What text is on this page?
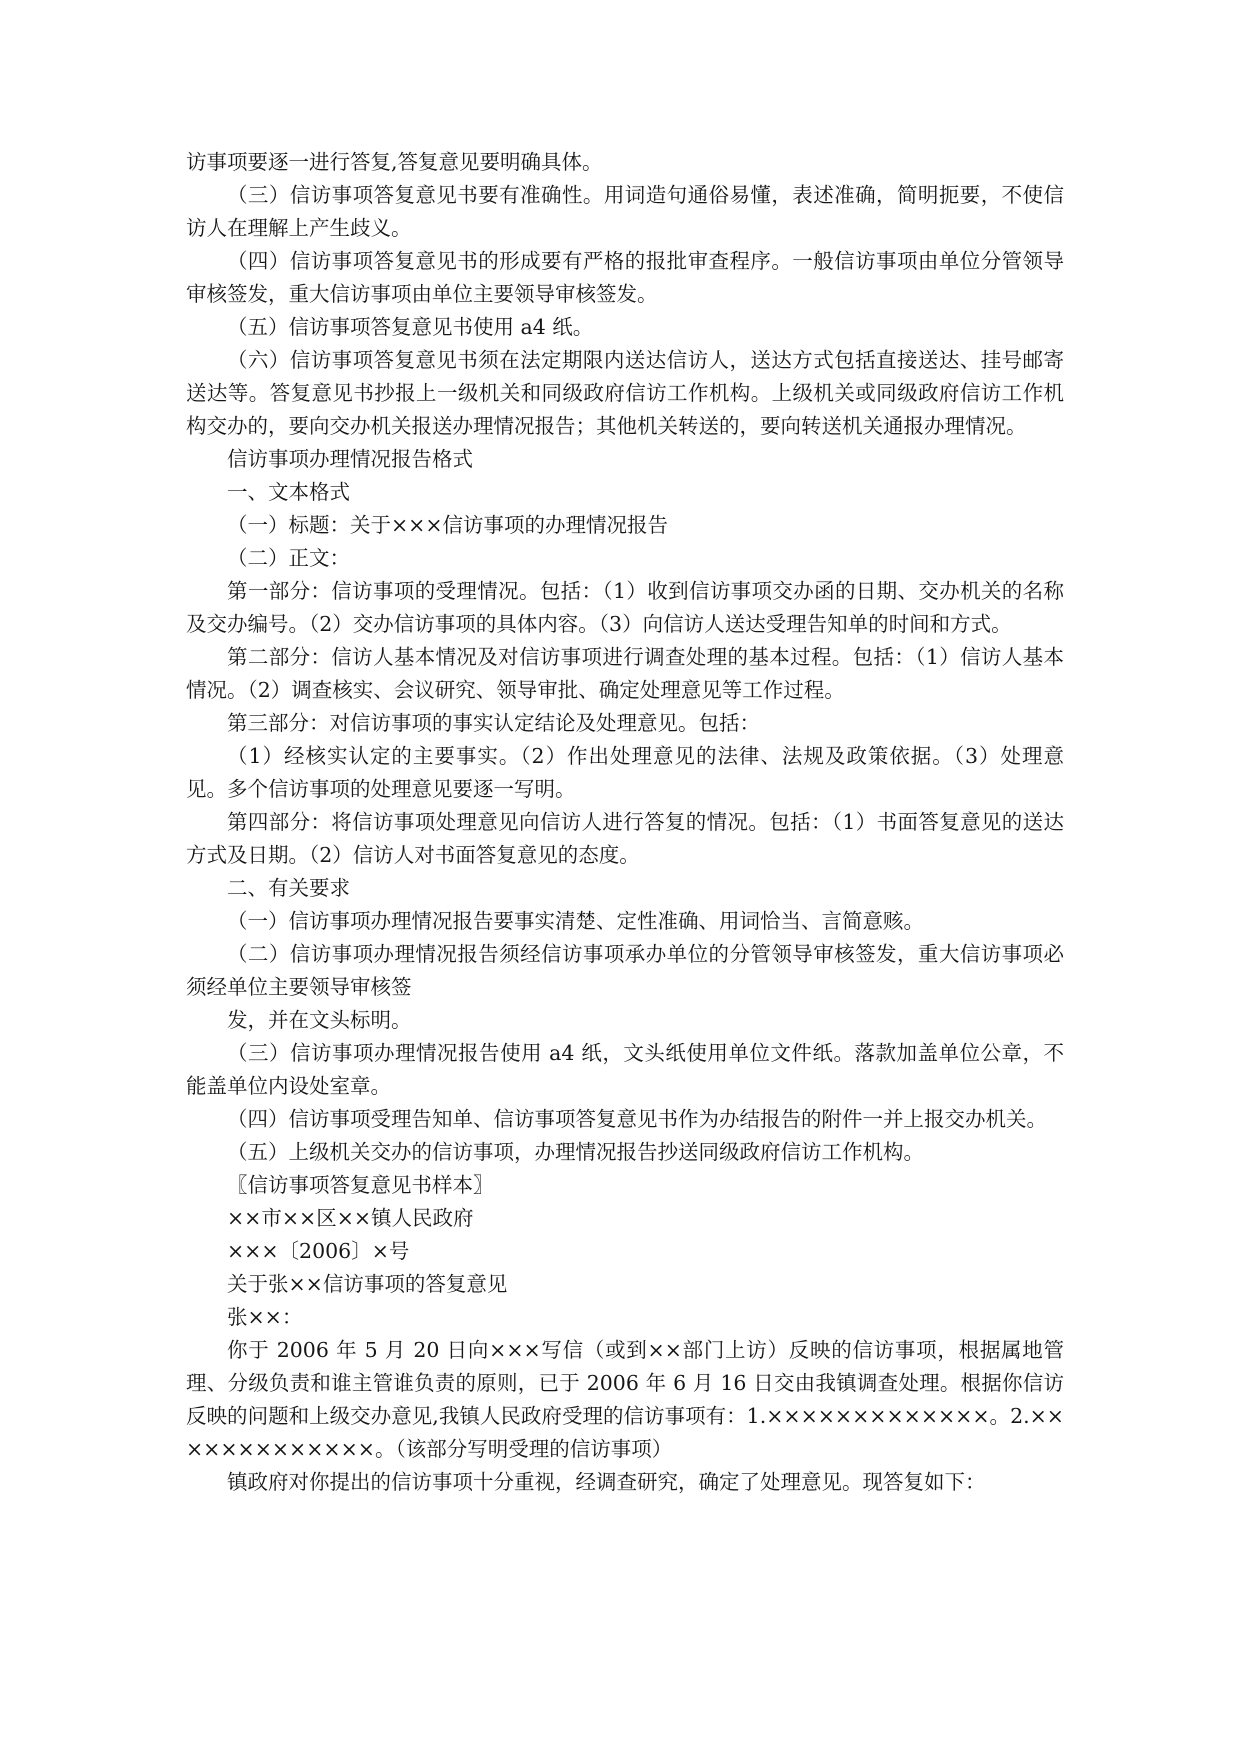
访事项要逐一进行答复,答复意见要明确具体。

（三）信访事项答复意见书要有准确性。用词造句通俗易懂，表述准确，简明扼要，不使信访人在理解上产生歧义。

（四）信访事项答复意见书的形成要有严格的报批审查程序。一般信访事项由单位分管领导审核签发，重大信访事项由单位主要领导审核签发。

（五）信访事项答复意见书使用 a4 纸。

（六）信访事项答复意见书须在法定期限内送达信访人，送达方式包括直接送达、挂号邮寄送达等。答复意见书抄报上一级机关和同级政府信访工作机构。上级机关或同级政府信访工作机构交办的，要向交办机关报送办理情况报告；其他机关转送的，要向转送机关通报办理情况。

信访事项办理情况报告格式

一、文本格式

（一）标题：关于×××信访事项的办理情况报告

（二）正文：

第一部分：信访事项的受理情况。包括：（1）收到信访事项交办函的日期、交办机关的名称及交办编号。（2）交办信访事项的具体内容。（3）向信访人送达受理告知单的时间和方式。

第二部分：信访人基本情况及对信访事项进行调查处理的基本过程。包括：（1）信访人基本情况。（2）调查核实、会议研究、领导审批、确定处理意见等工作过程。

第三部分：对信访事项的事实认定结论及处理意见。包括：

（1）经核实认定的主要事实。（2）作出处理意见的法律、法规及政策依据。（3）处理意见。多个信访事项的处理意见要逐一写明。

第四部分：将信访事项处理意见向信访人进行答复的情况。包括：（1）书面答复意见的送达方式及日期。（2）信访人对书面答复意见的态度。

二、有关要求

（一）信访事项办理情况报告要事实清楚、定性准确、用词恰当、言简意赅。

（二）信访事项办理情况报告须经信访事项承办单位的分管领导审核签发，重大信访事项必须经单位主要领导审核签

发，并在文头标明。

（三）信访事项办理情况报告使用 a4 纸，文头纸使用单位文件纸。落款加盖单位公章，不能盖单位内设处室章。

（四）信访事项受理告知单、信访事项答复意见书作为办结报告的附件一并上报交办机关。

（五）上级机关交办的信访事项，办理情况报告抄送同级政府信访工作机构。

〖信访事项答复意见书样本〗

××市××区××镇人民政府

×××〔2006〕×号

关于张××信访事项的答复意见

张××：

你于 2006 年 5 月 20 日向×××写信（或到××部门上访）反映的信访事项，根据属地管理、分级负责和谁主管谁负责的原则，已于 2006 年 6 月 16 日交由我镇调查处理。根据你信访反映的问题和上级交办意见,我镇人民政府受理的信访事项有：1.×××××××××××××。2.×××××××××××××。（该部分写明受理的信访事项）

镇政府对你提出的信访事项十分重视，经调查研究，确定了处理意见。现答复如下：
